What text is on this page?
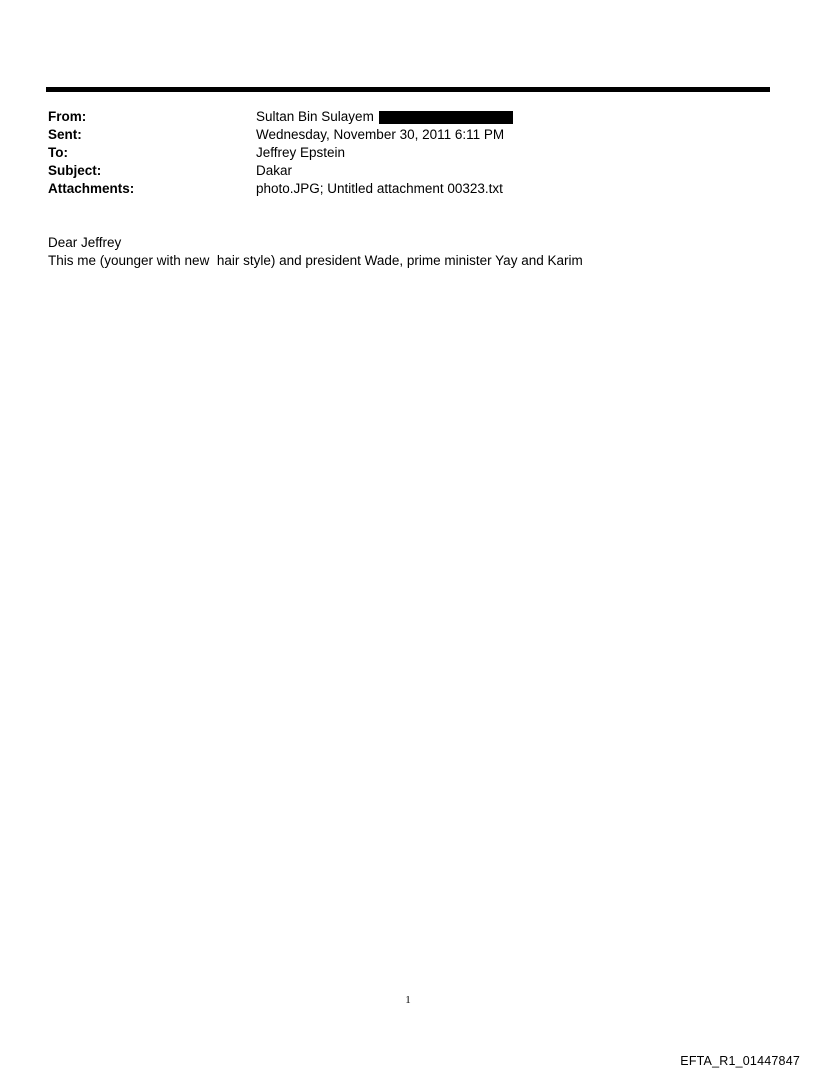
From:	Sultan Bin Sulayem
Sent:	Wednesday, November 30, 2011 6:11 PM
To:	Jeffrey Epstein
Subject:	Dakar
Attachments:	photo.JPG; Untitled attachment 00323.txt
Dear Jeffrey
This me (younger with new  hair style) and president Wade, prime minister Yay and Karim
1
EFTA_R1_01447847
